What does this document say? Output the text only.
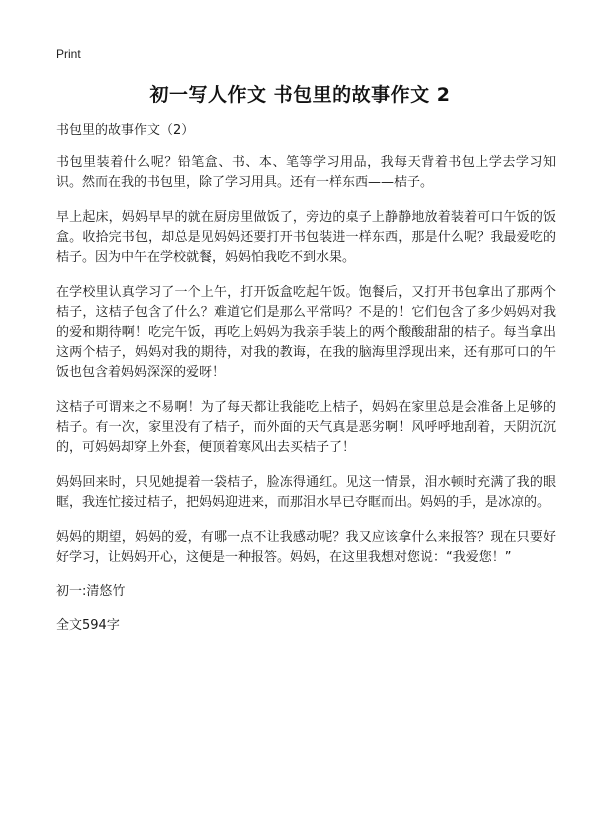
Print
初一写人作文 书包里的故事作文 2

书包里的故事作文（2）

书包里装着什么呢？铅笔盒、书、本、笔等学习用品，我每天背着书包上学去学习知识。然而在我的书包里，除了学习用具。还有一样东西——桔子。

早上起床，妈妈早早的就在厨房里做饭了，旁边的桌子上静静地放着装着可口午饭的饭盒。收拾完书包，却总是见妈妈还要打开书包装进一样东西，那是什么呢？我最爱吃的桔子。因为中午在学校就餐，妈妈怕我吃不到水果。

在学校里认真学习了一个上午，打开饭盒吃起午饭。饱餐后，又打开书包拿出了那两个桔子，这桔子包含了什么？难道它们是那么平常吗？不是的！它们包含了多少妈妈对我的爱和期待啊！吃完午饭，再吃上妈妈为我亲手装上的两个酸酸甜甜的桔子。每当拿出这两个桔子，妈妈对我的期待，对我的教诲，在我的脑海里浮现出来，还有那可口的午饭也包含着妈妈深深的爱呀！

这桔子可谓来之不易啊！为了每天都让我能吃上桔子，妈妈在家里总是会准备上足够的桔子。有一次，家里没有了桔子，而外面的天气真是恶劣啊！风呼呼地刮着，天阴沉沉的，可妈妈却穿上外套，便顶着寒风出去买桔子了！

妈妈回来时，只见她提着一袋桔子，脸冻得通红。见这一情景，泪水顿时充满了我的眼眶，我连忙接过桔子，把妈妈迎进来，而那泪水早已夺眶而出。妈妈的手，是冰凉的。

妈妈的期望，妈妈的爱，有哪一点不让我感动呢？我又应该拿什么来报答？现在只要好好学习，让妈妈开心，这便是一种报答。妈妈，在这里我想对您说：“我爱您！”

初一:清悠竹

全文594字
